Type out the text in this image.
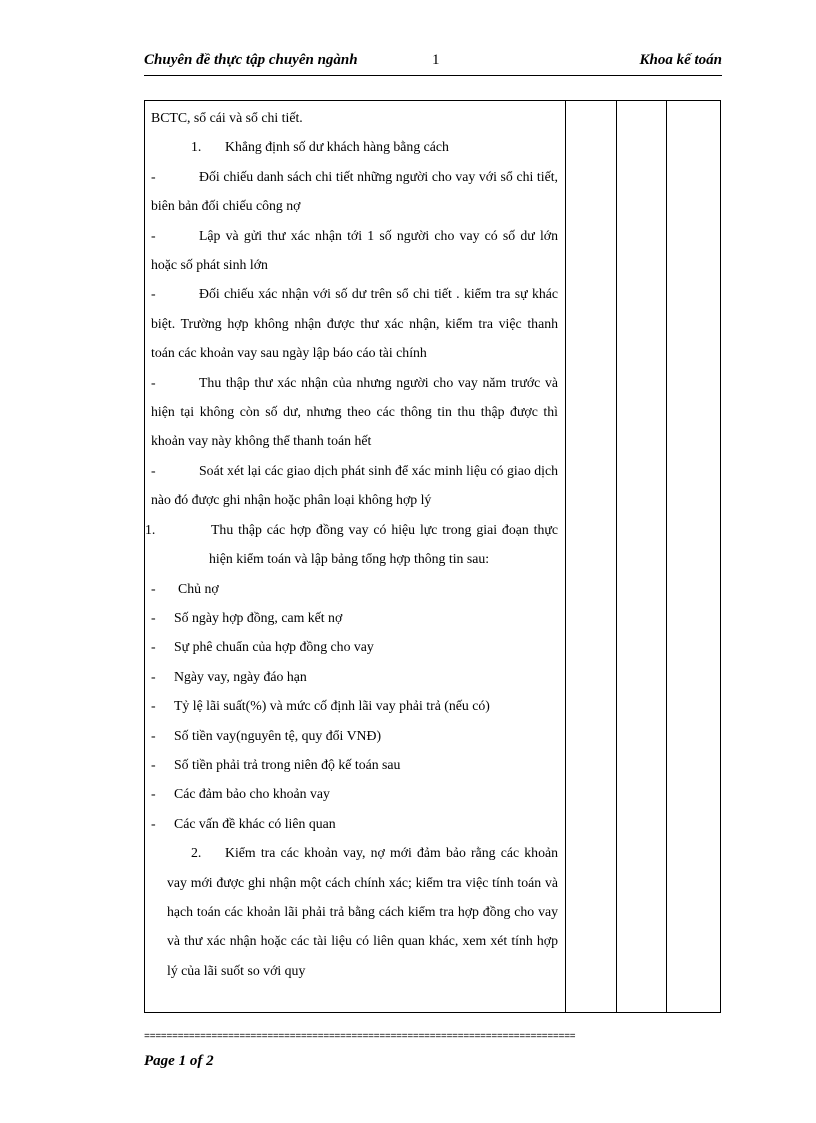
Chuyên đề thực tập chuyên ngành	1	Khoa kế toán

BCTC, sổ cái và sổ chi tiết.

1. Khẳng định số dư khách hàng bằng cách

-	Đối chiếu danh sách chi tiết những người cho vay với sổ chi tiết, biên bản đối chiếu công nợ

-	Lập và gửi thư xác nhận tới 1 số người cho vay có số dư lớn hoặc số phát sinh lớn

-	Đối chiếu xác nhận với số dư trên sổ chi tiết . kiểm tra sự khác biệt. Trường hợp không nhận được thư xác nhận, kiểm tra việc thanh toán các khoản vay sau ngày lập báo cáo tài chính

-	Thu thập thư xác nhận của nhưng người cho vay năm trước và hiện tại không còn số dư, nhưng theo các thông tin thu thập được thì khoản vay này không thể thanh toán hết

-	Soát xét lại các giao dịch phát sinh để xác minh liệu có giao dịch nào đó được ghi nhận hoặc phân loại không hợp lý

1.	Thu thập các hợp đồng vay có hiệu lực trong giai đoạn thực hiện kiểm toán và lập bảng tổng hợp thông tin sau:

-	Chủ nợ
-	Số ngày hợp đồng, cam kết nợ
-	Sự phê chuẩn của hợp đồng cho vay
-	Ngày vay, ngày đáo hạn
-	Tỷ lệ lãi suất(%) và mức cố định lãi vay phải trả (nếu có)
-	Số tiền vay(nguyên tệ, quy đổi VNĐ)
-	Số tiền phải trả trong niên độ kế toán sau
-	Các đảm bảo cho khoản vay
-	Các vấn đề khác có liên quan

2. Kiểm tra các khoản vay, nợ mới đảm bảo rằng các khoản vay mới được ghi nhận một cách chính xác; kiểm tra việc tính toán và hạch toán các khoản lãi phải trả bằng cách kiểm tra hợp đồng cho vay và thư xác nhận hoặc các tài liệu có liên quan khác, xem xét tính hợp lý của lãi suốt so với quy

=============================================================================
Page 1 of 2
